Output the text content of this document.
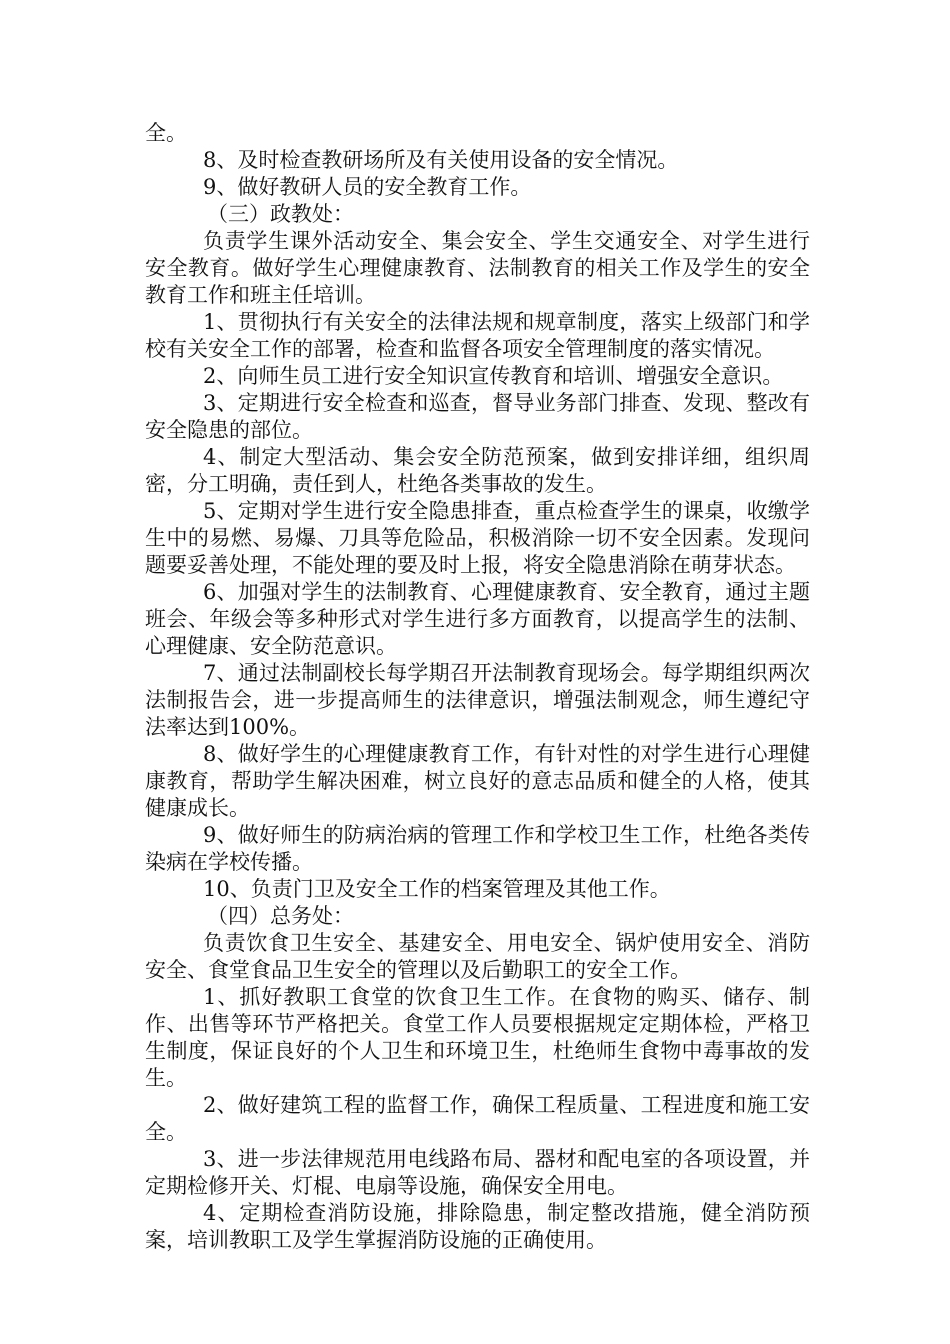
全。

8、及时检查教研场所及有关使用设备的安全情况。

9、做好教研人员的安全教育工作。

（三）政教处：

负责学生课外活动安全、集会安全、学生交通安全、对学生进行安全教育。做好学生心理健康教育、法制教育的相关工作及学生的安全教育工作和班主任培训。

1、贯彻执行有关安全的法律法规和规章制度，落实上级部门和学校有关安全工作的部署，检查和监督各项安全管理制度的落实情况。

2、向师生员工进行安全知识宣传教育和培训、增强安全意识。

3、定期进行安全检查和巡查，督导业务部门排查、发现、整改有安全隐患的部位。

4、制定大型活动、集会安全防范预案，做到安排详细，组织周密，分工明确，责任到人，杜绝各类事故的发生。

5、定期对学生进行安全隐患排查，重点检查学生的课桌，收缴学生中的易燃、易爆、刀具等危险品，积极消除一切不安全因素。发现问题要妥善处理，不能处理的要及时上报，将安全隐患消除在萌芽状态。

6、加强对学生的法制教育、心理健康教育、安全教育，通过主题班会、年级会等多种形式对学生进行多方面教育，以提高学生的法制、心理健康、安全防范意识。

7、通过法制副校长每学期召开法制教育现场会。每学期组织两次法制报告会，进一步提高师生的法律意识，增强法制观念，师生遵纪守法率达到100%。

8、做好学生的心理健康教育工作，有针对性的对学生进行心理健康教育，帮助学生解决困难，树立良好的意志品质和健全的人格，使其健康成长。

9、做好师生的防病治病的管理工作和学校卫生工作，杜绝各类传染病在学校传播。

10、负责门卫及安全工作的档案管理及其他工作。

（四）总务处：

负责饮食卫生安全、基建安全、用电安全、锅炉使用安全、消防安全、食堂食品卫生安全的管理以及后勤职工的安全工作。

1、抓好教职工食堂的饮食卫生工作。在食物的购买、储存、制作、出售等环节严格把关。食堂工作人员要根据规定定期体检，严格卫生制度，保证良好的个人卫生和环境卫生，杜绝师生食物中毒事故的发生。

2、做好建筑工程的监督工作，确保工程质量、工程进度和施工安全。

3、进一步法律规范用电线路布局、器材和配电室的各项设置，并定期检修开关、灯棍、电扇等设施，确保安全用电。

4、定期检查消防设施，排除隐患，制定整改措施，健全消防预案，培训教职工及学生掌握消防设施的正确使用。
